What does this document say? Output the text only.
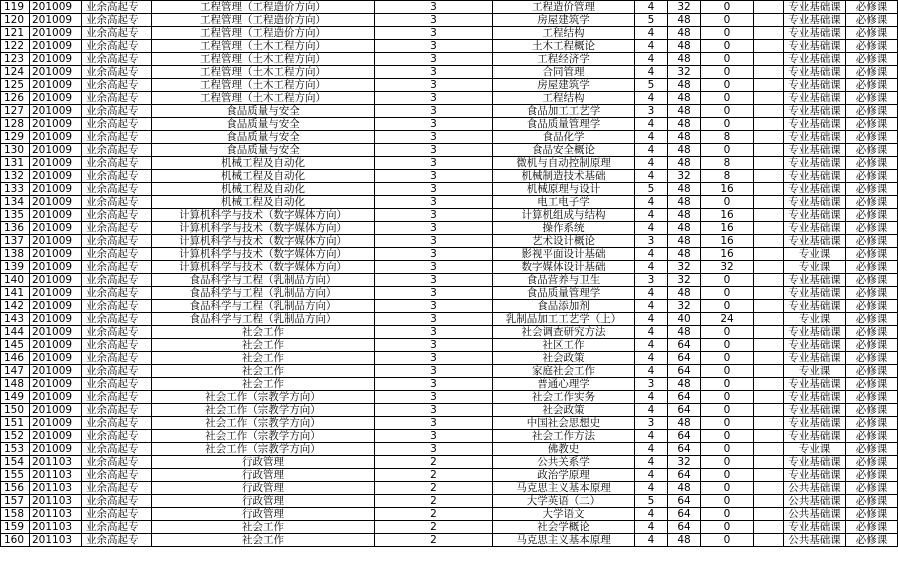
119	201009	业余高起专	工程管理（工程造价方向）	3	工程造价管理	4	32	0		专业基础课	必修课
120	201009	业余高起专	工程管理（工程造价方向）	3	房屋建筑学	5	48	0		专业基础课	必修课
121	201009	业余高起专	工程管理（工程造价方向）	3	工程结构	4	48	0		专业基础课	必修课
122	201009	业余高起专	工程管理（土木工程方向）	3	土木工程概论	4	48	0		专业基础课	必修课
123	201009	业余高起专	工程管理（土木工程方向）	3	工程经济学	4	48	0		专业基础课	必修课
124	201009	业余高起专	工程管理（土木工程方向）	3	合同管理	4	32	0		专业基础课	必修课
125	201009	业余高起专	工程管理（土木工程方向）	3	房屋建筑学	5	48	0		专业基础课	必修课
126	201009	业余高起专	工程管理（土木工程方向）	3	工程结构	4	48	0		专业基础课	必修课
127	201009	业余高起专	食品质量与安全	3	食品加工工艺学	3	48	0		专业基础课	必修课
128	201009	业余高起专	食品质量与安全	3	食品质量管理学	4	48	0		专业基础课	必修课
129	201009	业余高起专	食品质量与安全	3	食品化学	4	48	8		专业基础课	必修课
130	201009	业余高起专	食品质量与安全	3	食品安全概论	4	48	0		专业基础课	必修课
131	201009	业余高起专	机械工程及自动化	3	微机与自动控制原理	4	48	8		专业基础课	必修课
132	201009	业余高起专	机械工程及自动化	3	机械制造技术基础	4	32	8		专业基础课	必修课
133	201009	业余高起专	机械工程及自动化	3	机械原理与设计	5	48	16		专业基础课	必修课
134	201009	业余高起专	机械工程及自动化	3	电工电子学	4	48	0		专业基础课	必修课
135	201009	业余高起专	计算机科学与技术（数字媒体方向）	3	计算机组成与结构	4	48	16		专业基础课	必修课
136	201009	业余高起专	计算机科学与技术（数字媒体方向）	3	操作系统	4	48	16		专业基础课	必修课
137	201009	业余高起专	计算机科学与技术（数字媒体方向）	3	艺术设计概论	3	48	16		专业基础课	必修课
138	201009	业余高起专	计算机科学与技术（数字媒体方向）	3	影视平面设计基础	4	48	16		专业课	必修课
139	201009	业余高起专	计算机科学与技术（数字媒体方向）	3	数字媒体设计基础	4	32	32		专业课	必修课
140	201009	业余高起专	食品科学与工程（乳制品方向）	3	食品营养与卫生	3	32	0		专业基础课	必修课
141	201009	业余高起专	食品科学与工程（乳制品方向）	3	食品质量管理学	4	48	0		专业基础课	必修课
142	201009	业余高起专	食品科学与工程（乳制品方向）	3	食品添加剂	4	32	0		专业基础课	必修课
143	201009	业余高起专	食品科学与工程（乳制品方向）	3	乳制品加工工艺学（上）	4	40	24		专业课	必修课
144	201009	业余高起专	社会工作	3	社会调查研究方法	4	48	0		专业基础课	必修课
145	201009	业余高起专	社会工作	3	社区工作	4	64	0		专业基础课	必修课
146	201009	业余高起专	社会工作	3	社会政策	4	64	0		专业基础课	必修课
147	201009	业余高起专	社会工作	3	家庭社会工作	4	64	0		专业课	必修课
148	201009	业余高起专	社会工作	3	普通心理学	3	48	0		专业基础课	必修课
149	201009	业余高起专	社会工作（宗教学方向）	3	社会工作实务	4	64	0		专业基础课	必修课
150	201009	业余高起专	社会工作（宗教学方向）	3	社会政策	4	64	0		专业基础课	必修课
151	201009	业余高起专	社会工作（宗教学方向）	3	中国社会思想史	3	48	0		专业基础课	必修课
152	201009	业余高起专	社会工作（宗教学方向）	3	社会工作方法	4	64	0		专业基础课	必修课
153	201009	业余高起专	社会工作（宗教学方向）	3	佛教史	4	64	0		专业课	必修课
154	201103	业余高起专	行政管理	2	公共关系学	4	32	0		专业基础课	必修课
155	201103	业余高起专	行政管理	2	政治学原理	4	64	0		专业基础课	必修课
156	201103	业余高起专	行政管理	2	马克思主义基本原理	4	48	0		公共基础课	必修课
157	201103	业余高起专	行政管理	2	大学英语（二）	5	64	0		公共基础课	必修课
158	201103	业余高起专	行政管理	2	大学语文	4	64	0		公共基础课	必修课
159	201103	业余高起专	社会工作	2	社会学概论	4	64	0		专业基础课	必修课
160	201103	业余高起专	社会工作	2	马克思主义基本原理	4	48	0		公共基础课	必修课
